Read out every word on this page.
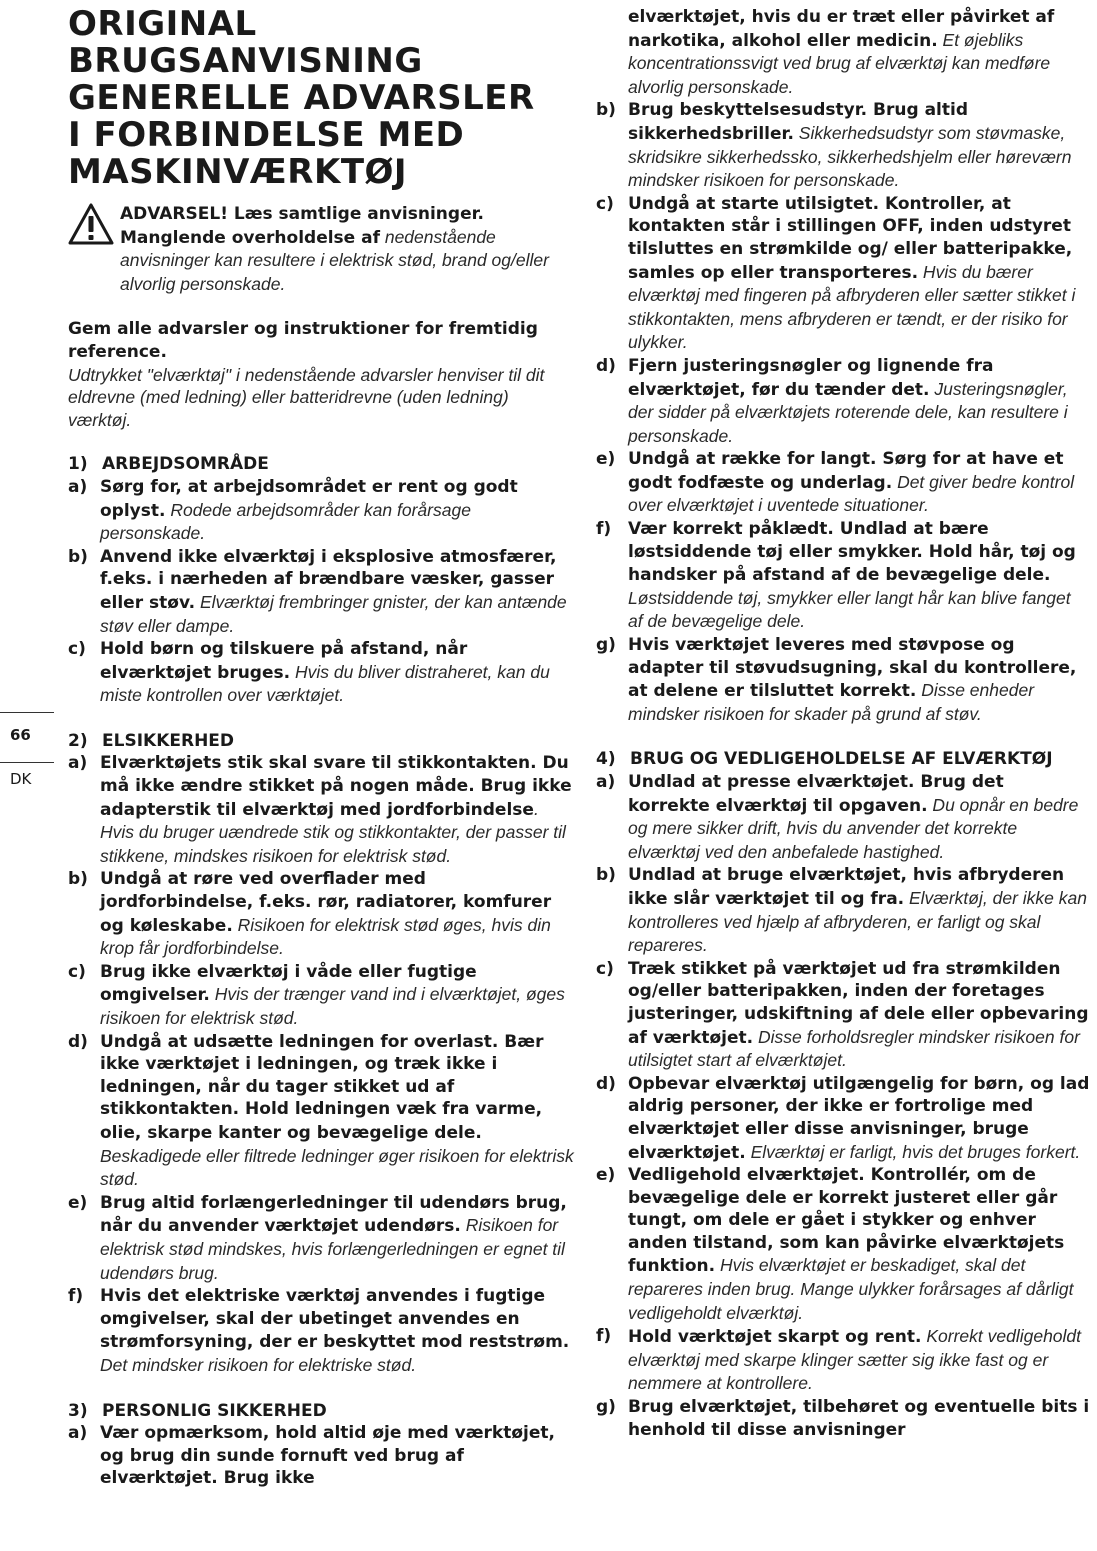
66
DK
ORIGINAL
BRUGSANVISNING
GENERELLE ADVARSLER
I FORBINDELSE MED
MASKINVÆRKTØJ
ADVARSEL! Læs samtlige anvisninger. Manglende overholdelse af nedenstående anvisninger kan resultere i elektrisk stød, brand og/eller alvorlig personskade.
Gem alle advarsler og instruktioner for fremtidig reference.
Udtrykket "elværktøj" i nedenstående advarsler henviser til dit eldrevne (med ledning) eller batteridrevne (uden ledning) værktøj.
1) ARBEJDSOMRÅDE
a) Sørg for, at arbejdsområdet er rent og godt oplyst. Rodede arbejdsområder kan forårsage personskade.
b) Anvend ikke elværktøj i eksplosive atmosfærer, f.eks. i nærheden af brændbare væsker, gasser eller støv. Elværktøj frembringer gnister, der kan antænde støv eller dampe.
c) Hold børn og tilskuere på afstand, når elværktøjet bruges. Hvis du bliver distraheret, kan du miste kontrollen over værktøjet.
2) ELSIKKERHED
a) Elværktøjets stik skal svare til stikkontakten. Du må ikke ændre stikket på nogen måde. Brug ikke adapterstik til elværktøj med jordforbindelse. Hvis du bruger uændrede stik og stikkontakter, der passer til stikkene, mindskes risikoen for elektrisk stød.
b) Undgå at røre ved overflader med jordforbindelse, f.eks. rør, radiatorer, komfurer og køleskabe. Risikoen for elektrisk stød øges, hvis din krop får jordforbindelse.
c) Brug ikke elværktøj i våde eller fugtige omgivelser. Hvis der trænger vand ind i elværktøjet, øges risikoen for elektrisk stød.
d) Undgå at udsætte ledningen for overlast. Bær ikke værktøjet i ledningen, og træk ikke i ledningen, når du tager stikket ud af stikkontakten. Hold ledningen væk fra varme, olie, skarpe kanter og bevægelige dele. Beskadigede eller filtrede ledninger øger risikoen for elektrisk stød.
e) Brug altid forlængerledninger til udendørs brug, når du anvender værktøjet udendørs. Risikoen for elektrisk stød mindskes, hvis forlængerledningen er egnet til udendørs brug.
f) Hvis det elektriske værktøj anvendes i fugtige omgivelser, skal der ubetinget anvendes en strømforsyning, der er beskyttet mod reststrøm. Det mindsker risikoen for elektriske stød.
3) PERSONLIG SIKKERHED
a) Vær opmærksom, hold altid øje med værktøjet, og brug din sunde fornuft ved brug af elværktøjet. Brug ikke
elværktøjet, hvis du er træt eller påvirket af narkotika, alkohol eller medicin. Et øjebliks koncentrationssvigt ved brug af elværktøj kan medføre alvorlig personskade.
b) Brug beskyttelsesudstyr. Brug altid sikkerhedsbriller. Sikkerhedsudstyr som støvmaske, skridsikre sikkerhedssko, sikkerhedshjelm eller høreværn mindsker risikoen for personskade.
c) Undgå at starte utilsigtet. Kontroller, at kontakten står i stillingen OFF, inden udstyret tilsluttes en strømkilde og/ eller batteripakke, samles op eller transporteres. Hvis du bærer elværktøj med fingeren på afbryderen eller sætter stikket i stikkontakten, mens afbryderen er tændt, er der risiko for ulykker.
d) Fjern justeringsnøgler og lignende fra elværktøjet, før du tænder det. Justeringsnøgler, der sidder på elværktøjets roterende dele, kan resultere i personskade.
e) Undgå at række for langt. Sørg for at have et godt fodfæste og underlag. Det giver bedre kontrol over elværktøjet i uventede situationer.
f) Vær korrekt påklædt. Undlad at bære løstsiddende tøj eller smykker. Hold hår, tøj og handsker på afstand af de bevægelige dele. Løstsiddende tøj, smykker eller langt hår kan blive fanget af de bevægelige dele.
g) Hvis værktøjet leveres med støvpose og adapter til støvudsugning, skal du kontrollere, at delene er tilsluttet korrekt. Disse enheder mindsker risikoen for skader på grund af støv.
4) BRUG OG VEDLIGEHOLDELSE AF ELVÆRKTØJ
a) Undlad at presse elværktøjet. Brug det korrekte elværktøj til opgaven. Du opnår en bedre og mere sikker drift, hvis du anvender det korrekte elværktøj ved den anbefalede hastighed.
b) Undlad at bruge elværktøjet, hvis afbryderen ikke slår værktøjet til og fra. Elværktøj, der ikke kan kontrolleres ved hjælp af afbryderen, er farligt og skal repareres.
c) Træk stikket på værktøjet ud fra strømkilden og/eller batteripakken, inden der foretages justeringer, udskiftning af dele eller opbevaring af værktøjet. Disse forholdsregler mindsker risikoen for utilsigtet start af elværktøjet.
d) Opbevar elværktøj utilgængelig for børn, og lad aldrig personer, der ikke er fortrolige med elværktøjet eller disse anvisninger, bruge elværktøjet. Elværktøj er farligt, hvis det bruges forkert.
e) Vedligehold elværktøjet. Kontrollér, om de bevægelige dele er korrekt justeret eller går tungt, om dele er gået i stykker og enhver anden tilstand, som kan påvirke elværktøjets funktion. Hvis elværktøjet er beskadiget, skal det repareres inden brug. Mange ulykker forårsages af dårligt vedligeholdt elværktøj.
f) Hold værktøjet skarpt og rent. Korrekt vedligeholdt elværktøj med skarpe klinger sætter sig ikke fast og er nemmere at kontrollere.
g) Brug elværktøjet, tilbehøret og eventuelle bits i henhold til disse anvisninger
